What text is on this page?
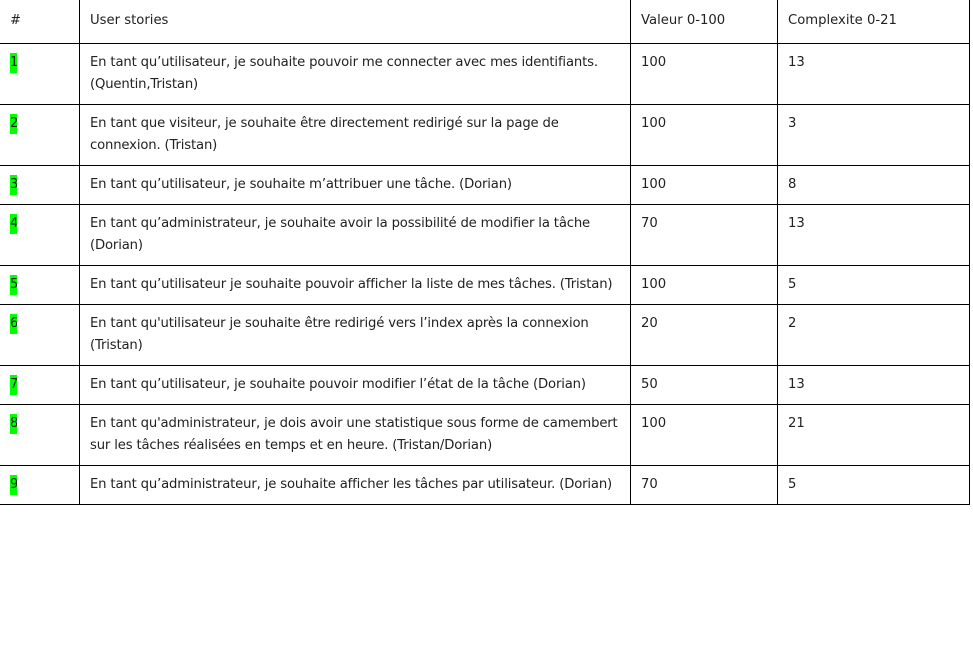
#	User stories	Valeur 0-100	Complexite 0-21
1	En tant qu’utilisateur, je souhaite pouvoir me connecter avec mes identifiants.(Quentin,Tristan)	100	13
2	En tant que visiteur, je souhaite être directement redirigé sur la page de connexion. (Tristan)	100	3
3	En tant qu’utilisateur, je souhaite m’attribuer une tâche. (Dorian)	100	8
4	En tant qu’administrateur, je souhaite avoir la possibilité de modifier la tâche (Dorian)	70	13
5	En tant qu’utilisateur je souhaite pouvoir afficher la liste de mes tâches. (Tristan)	100	5
6	En tant qu'utilisateur je souhaite être redirigé vers l’index après la connexion (Tristan)	20	2
7	En tant qu’utilisateur, je souhaite pouvoir modifier l’état de la tâche (Dorian)	50	13
8	En tant qu'administrateur, je dois avoir une statistique sous forme de camembert sur les tâches réalisées en temps et en heure. (Tristan/Dorian)	100	21
9	En tant qu’administrateur, je souhaite afficher les tâches par utilisateur. (Dorian)	70	5
